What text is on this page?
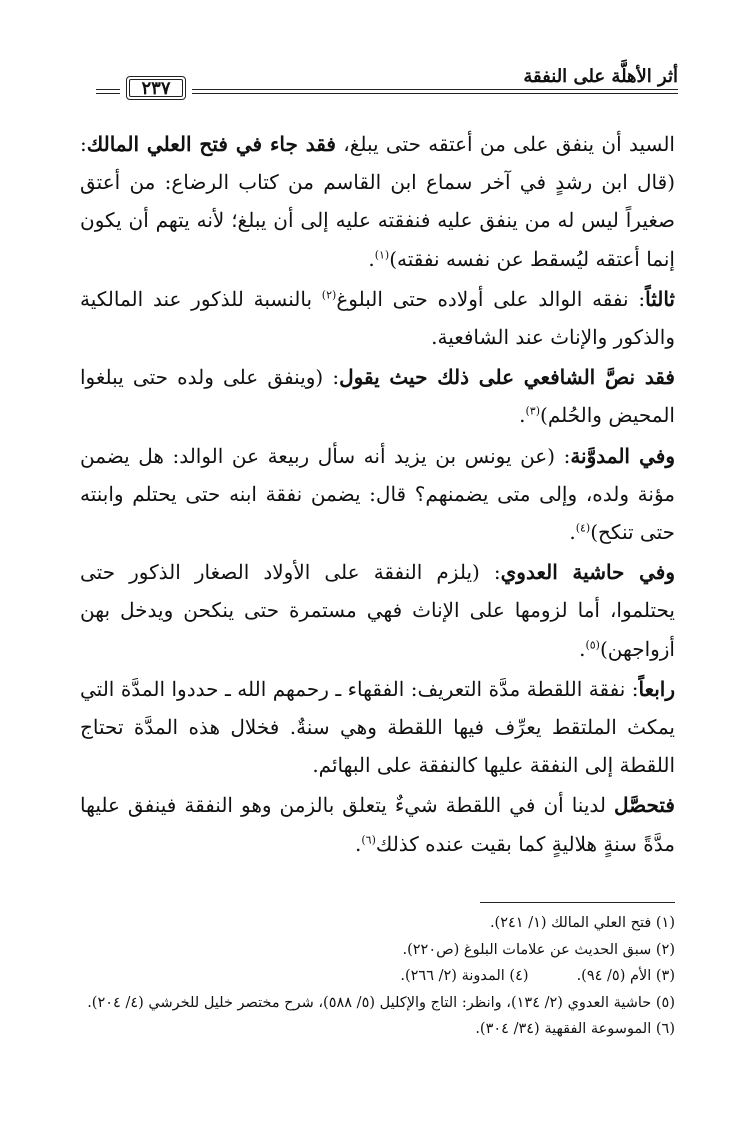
أثر الأهلَّة على النفقة
٢٣٧

السيد أن ينفق على من أعتقه حتى يبلغ، فقد جاء في فتح العلي المالك: (قال ابن رشدٍ في آخر سماع ابن القاسم من كتاب الرضاع: من أعتق صغيراً ليس له من ينفق عليه فنفقته عليه إلى أن يبلغ؛ لأنه يتهم أن يكون إنما أعتقه ليُسقط عن نفسه نفقته)$^{(١)}$.

ثالثاً: نفقه الوالد على أولاده حتى البلوغ$^{(٢)}$ بالنسبة للذكور عند المالكية والذكور والإناث عند الشافعية.

فقد نصَّ الشافعي على ذلك حيث يقول: (وينفق على ولده حتى يبلغوا المحيض والحُلم)$^{(٣)}$.

وفي المدوَّنة: (عن يونس بن يزيد أنه سأل ربيعة عن الوالد: هل يضمن مؤنة ولده، وإلى متى يضمنهم؟ قال: يضمن نفقة ابنه حتى يحتلم وابنته حتى تنكح)$^{(٤)}$.

وفي حاشية العدوي: (يلزم النفقة على الأولاد الصغار الذكور حتى يحتلموا، أما لزومها على الإناث فهي مستمرة حتى ينكحن ويدخل بهن أزواجهن)$^{(٥)}$.

رابعاً: نفقة اللقطة مدَّة التعريف: الفقهاء ـ رحمهم الله ـ حددوا المدَّة التي يمكث الملتقط يعرِّف فيها اللقطة وهي سنةٌ. فخلال هذه المدَّة تحتاج اللقطة إلى النفقة عليها كالنفقة على البهائم.

فتحصَّل لدينا أن في اللقطة شيءٌ يتعلق بالزمن وهو النفقة فينفق عليها مدَّةً سنةٍ هلاليةٍ كما بقيت عنده كذلك$^{(٦)}$.

(١) فتح العلي المالك (١/ ٢٤١).

(٢) سبق الحديث عن علامات البلوغ (ص٢٢٠).

(٣) الأم (٥/ ٩٤).
(٤) المدونة (٢/ ٢٦٦).

(٥) حاشية العدوي (٢/ ١٣٤)، وانظر: التاج والإكليل (٥/ ٥٨٨)، شرح مختصر خليل للخرشي (٤/ ٢٠٤).

(٦) الموسوعة الفقهية (٣٤/ ٣٠٤).
